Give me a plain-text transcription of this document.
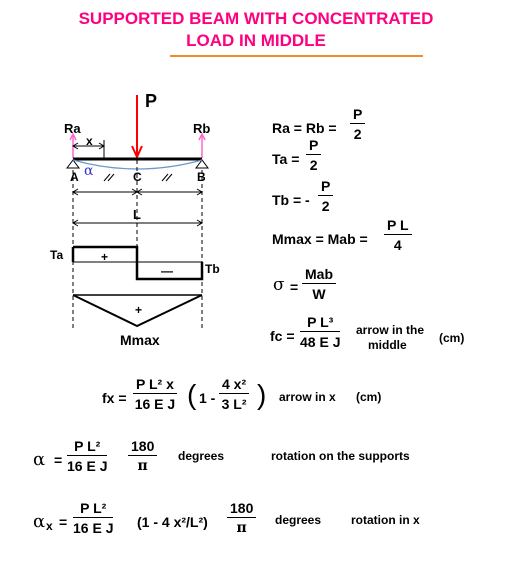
SUPPORTED BEAM WITH CONCENTRATED
LOAD IN MIDDLE
P
Ra	Rb
x
α
A	C	B
L
Ta
Tb
+
—
+
Mmax
$Ra = Rb = \frac{P}{2}$
$Ta = \frac{P}{2}$
Tb = - $\frac{P}{2}$
Mmax = Mab = $\frac{\text{P L}}{4}$
σ =
Mab
W
fc = $\frac{\text{P L³}}{\text{48 E J}}$ arrow in the
middle	(cm)
fx = $\frac{\text{P L² x}}{\text{16 E J}}$ ( $1 - \frac{\text{4 x²}}{\text{3 L²}}$ ) arrow in x (cm)
$\alpha = \frac{\text{P L²}}{\text{16 E J}} \frac{180}{\pi}$ degrees	rotation on the supports
α $x = \frac{\text{P L²}}{\text{16 E J}} (1 - 4$ $x^2/L^2) \frac{180}{\pi}$ degrees rotation in x
